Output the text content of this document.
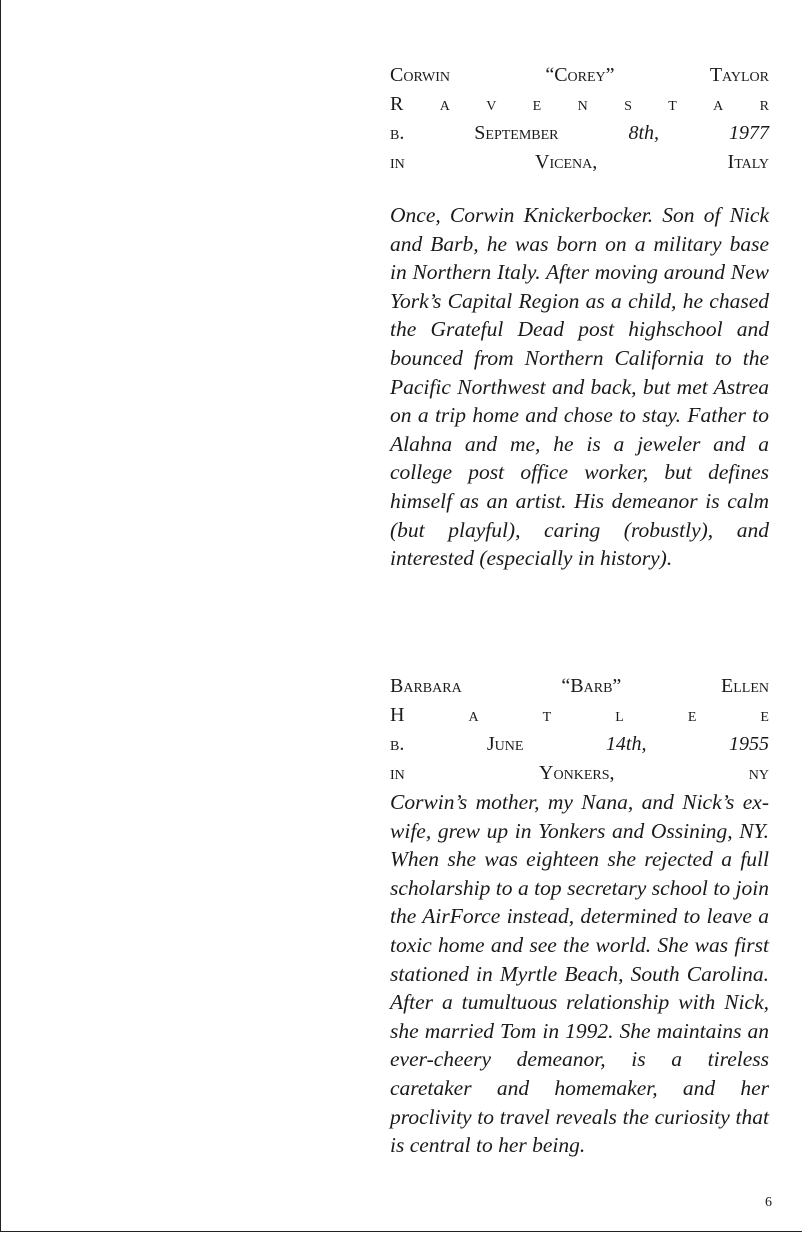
Corwin	“Corey”	Taylor
R a v e n s t a r
b.	September	8th,	1977
in	Vicena,	Italy

Once, Corwin Knickerbocker. Son of Nick and Barb, he was born on a military base in Northern Italy. After moving around New York’s Capital Region as a child, he chased the Grateful Dead post highschool and bounced from Northern California to the Pacific Northwest and back, but met Astrea on a trip home and chose to stay. Father to Alahna and me, he is a jeweler and a college post office worker, but defines himself as an artist. His demeanor is calm (but playful), caring (robustly), and interested (especially in history).

Barbara	“Barb”	Ellen
H	a	t	l	e	e
b.	June	14th,	1955
in	Yonkers,	ny

Corwin’s mother, my Nana, and Nick’s ex-wife, grew up in Yonkers and Ossining, NY. When she was eighteen she rejected a full scholarship to a top secretary school to join the AirForce instead, determined to leave a toxic home and see the world. She was first stationed in Myrtle Beach, South Carolina. After a tumultuous relationship with Nick, she married Tom in 1992. She maintains an ever-cheery demeanor, is a tireless caretaker and homemaker, and her proclivity to travel reveals the curiosity that is central to her being.

6
